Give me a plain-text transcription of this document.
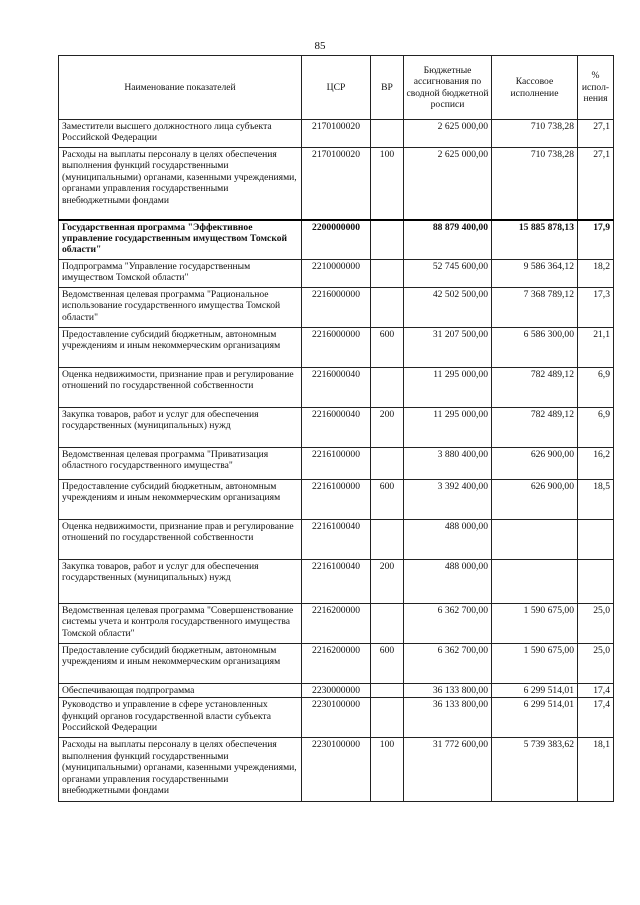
85
Наименование показателей	ЦСР	ВР	Бюджетные ассигнования по сводной бюджетной росписи	Кассовое исполнение	% испол-нения
Заместители высшего должностного лица субъекта Российской Федерации	2170100020		2 625 000,00	710 738,28	27,1
Расходы на выплаты персоналу в целях обеспечения выполнения функций государственными (муниципальными) органами, казенными учреждениями, органами управления государственными внебюджетными фондами	2170100020	100	2 625 000,00	710 738,28	27,1
Государственная программа "Эффективное управление государственным имуществом Томской области"	2200000000		88 879 400,00	15 885 878,13	17,9
Подпрограмма "Управление государственным имуществом Томской области"	2210000000		52 745 600,00	9 586 364,12	18,2
Ведомственная целевая программа "Рациональное использование государственного имущества Томской области"	2216000000		42 502 500,00	7 368 789,12	17,3
Предоставление субсидий бюджетным, автономным учреждениям и иным некоммерческим организациям	2216000000	600	31 207 500,00	6 586 300,00	21,1
Оценка недвижимости, признание прав и регулирование отношений по государственной собственности	2216000040		11 295 000,00	782 489,12	6,9
Закупка товаров, работ и услуг для обеспечения государственных (муниципальных) нужд	2216000040	200	11 295 000,00	782 489,12	6,9
Ведомственная целевая программа "Приватизация областного государственного имущества"	2216100000		3 880 400,00	626 900,00	16,2
Предоставление субсидий бюджетным, автономным учреждениям и иным некоммерческим организациям	2216100000	600	3 392 400,00	626 900,00	18,5
Оценка недвижимости, признание прав и регулирование отношений по государственной собственности	2216100040		488 000,00		
Закупка товаров, работ и услуг для обеспечения государственных (муниципальных) нужд	2216100040	200	488 000,00		
Ведомственная целевая программа "Совершенствование системы учета и контроля государственного имущества Томской области"	2216200000		6 362 700,00	1 590 675,00	25,0
Предоставление субсидий бюджетным, автономным учреждениям и иным некоммерческим организациям	2216200000	600	6 362 700,00	1 590 675,00	25,0
Обеспечивающая подпрограмма	2230000000		36 133 800,00	6 299 514,01	17,4
Руководство и управление в сфере установленных функций органов государственной власти субъекта Российской Федерации	2230100000		36 133 800,00	6 299 514,01	17,4
Расходы на выплаты персоналу в целях обеспечения выполнения функций государственными (муниципальными) органами, казенными учреждениями, органами управления государственными внебюджетными фондами	2230100000	100	31 772 600,00	5 739 383,62	18,1
